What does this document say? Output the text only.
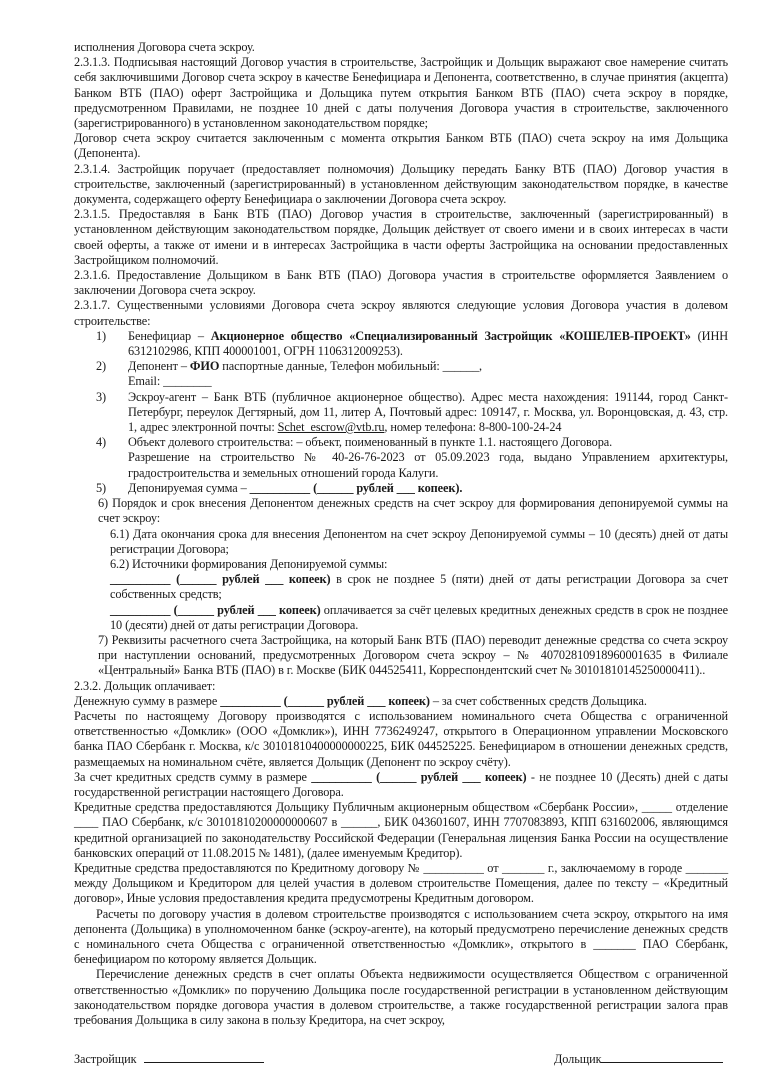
исполнения Договора счета эскроу.

2.3.1.3. Подписывая настоящий Договор участия в строительстве, Застройщик и Дольщик выражают свое намерение считать себя заключившими Договор счета эскроу в качестве Бенефициара и Депонента, соответственно, в случае принятия (акцепта) Банком ВТБ (ПАО) оферт Застройщика и Дольщика путем открытия Банком ВТБ (ПАО) счета эскроу в порядке, предусмотренном Правилами, не позднее 10 дней с даты получения Договора участия в строительстве, заключенного (зарегистрированного) в установленном законодательством порядке;

Договор счета эскроу считается заключенным с момента открытия Банком ВТБ (ПАО) счета эскроу на имя Дольщика (Депонента).

2.3.1.4. Застройщик поручает (предоставляет полномочия) Дольщику передать Банку ВТБ (ПАО) Договор участия в строительстве, заключенный (зарегистрированный) в установленном действующим законодательством порядке, в качестве документа, содержащего оферту Бенефициара о заключении Договора счета эскроу.

2.3.1.5. Предоставляя в Банк ВТБ (ПАО) Договор участия в строительстве, заключенный (зарегистрированный) в установленном действующим законодательством порядке, Дольщик действует от своего имени и в своих интересах в части своей оферты, а также от имени и в интересах Застройщика в части оферты Застройщика на основании предоставленных Застройщиком полномочий.

2.3.1.6. Предоставление Дольщиком в Банк ВТБ (ПАО) Договора участия в строительстве оформляется Заявлением о заключении Договора счета эскроу.

2.3.1.7. Существенными условиями Договора счета эскроу являются следующие условия Договора участия в долевом строительстве:

1) Бенефициар – Акционерное общество «Специализированный Застройщик «КОШЕЛЕВ-ПРОЕКТ» (ИНН 6312102986, КПП 400001001, ОГРН 1106312009253).
2) Депонент – ФИО паспортные данные, Телефон мобильный: ______,
Email: ________
3) Эскроу-агент – Банк ВТБ (публичное акционерное общество). Адрес места нахождения: 191144, город Санкт-Петербург, переулок Дегтярный, дом 11, литер А, Почтовый адрес: 109147, г. Москва, ул. Воронцовская, д. 43, стр. 1, адрес электронной почты: Schet_escrow@vtb.ru, номер телефона: 8-800-100-24-24
4) Объект долевого строительства: – объект, поименованный в пункте 1.1. настоящего Договора.
Разрешение на строительство № 40-26-76-2023 от 05.09.2023 года, выдано Управлением архитектуры, градостроительства и земельных отношений города Калуги.
5) Депонируемая сумма – __________ (______ рублей ___ копеек).

6) Порядок и срок внесения Депонентом денежных средств на счет эскроу для формирования депонируемой суммы на счет эскроу:

6.1) Дата окончания срока для внесения Депонентом на счет эскроу Депонируемой суммы – 10 (десять) дней от даты регистрации Договора;

6.2) Источники формирования Депонируемой суммы:

__________ (______ рублей ___ копеек) в срок не позднее 5 (пяти) дней от даты регистрации Договора за счет собственных средств;

__________ (______ рублей ___ копеек) оплачивается за счёт целевых кредитных денежных средств в срок не позднее 10 (десяти) дней от даты регистрации Договора.

7) Реквизиты расчетного счета Застройщика, на который Банк ВТБ (ПАО) переводит денежные средства со счета эскроу при наступлении оснований, предусмотренных Договором счета эскроу – № 40702810918960001635 в Филиале «Центральный» Банка ВТБ (ПАО) в г. Москве (БИК 044525411, Корреспондентский счет № 30101810145250000411)..

2.3.2. Дольщик оплачивает:

Денежную сумму в размере __________ (______ рублей ___ копеек) – за счет собственных средств Дольщика.

Расчеты по настоящему Договору производятся с использованием номинального счета Общества с ограниченной ответственностью «Домклик» (ООО «Домклик»), ИНН 7736249247, открытого в Операционном управлении Московского банка ПАО Сбербанк г. Москва, к/с 30101810400000000225, БИК 044525225. Бенефициаром в отношении денежных средств, размещаемых на номинальном счёте, является Дольщик (Депонент по эскроу счёту).

За счет кредитных средств сумму в размере __________ (______ рублей ___ копеек) - не позднее 10 (Десять) дней с даты государственной регистрации настоящего Договора.

Кредитные средства предоставляются Дольщику Публичным акционерным обществом «Сбербанк России», _____ отделение ____ ПАО Сбербанк, к/с 30101810200000000607 в ______, БИК 043601607, ИНН 7707083893, КПП 631602006, являющимся кредитной организацией по законодательству Российской Федерации (Генеральная лицензия Банка России на осуществление банковских операций от 11.08.2015 № 1481), (далее именуемым Кредитор).

Кредитные средства предоставляются по Кредитному договору № __________ от _______ г., заключаемому в городе _______ между Дольщиком и Кредитором для целей участия в долевом строительстве Помещения, далее по тексту – «Кредитный договор», Иные условия предоставления кредита предусмотрены Кредитным договором.

Расчеты по договору участия в долевом строительстве производятся с использованием счета эскроу, открытого на имя депонента (Дольщика) в уполномоченном банке (эскроу-агенте), на который предусмотрено перечисление денежных средств с номинального счета Общества с ограниченной ответственностью «Домклик», открытого в _______ ПАО Сбербанк, бенефициаром по которому является Дольщик.

Перечисление денежных средств в счет оплаты Объекта недвижимости осуществляется Обществом с ограниченной ответственностью «Домклик» по поручению Дольщика после государственной регистрации в установленном действующим законодательством порядке договора участия в долевом строительстве, а также государственной регистрации залога прав требования Дольщика в силу закона в пользу Кредитора, на счет эскроу,

Застройщик	Дольщик
